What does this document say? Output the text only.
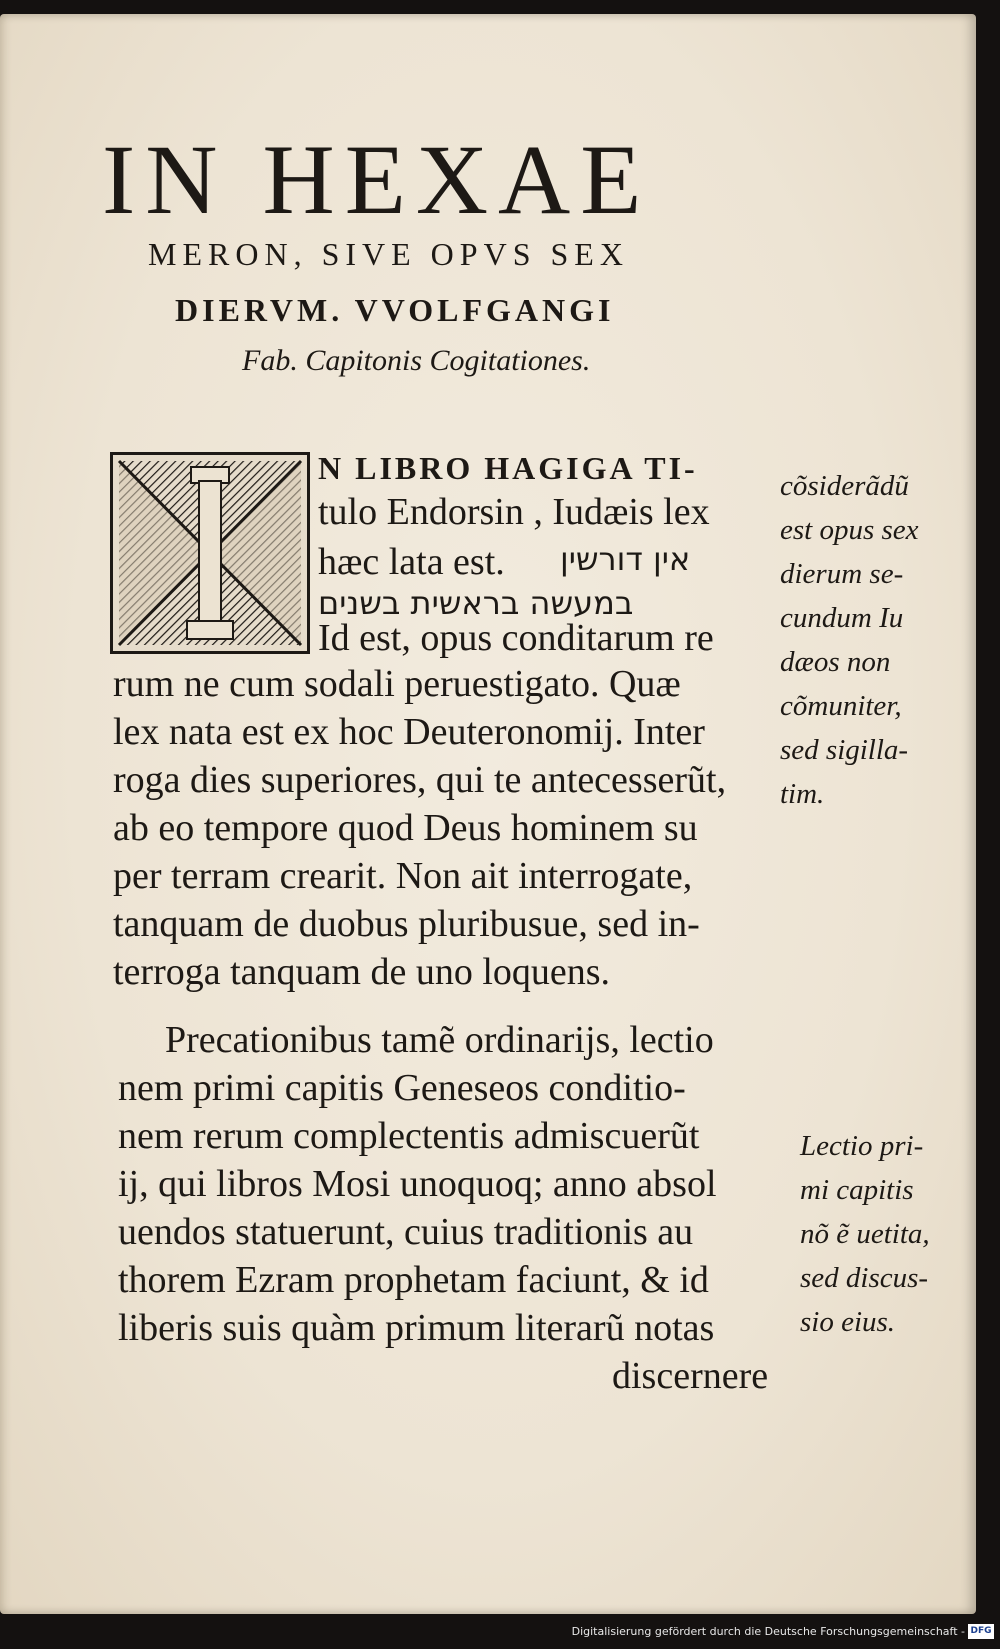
IN HEXAE
MERON, SIVE OPVS SEX
DIERVM. VVOLFGANGI
Fab. Capitonis Cogitationes.
N LIBRO HAGIGA TI-
tulo Endorsin , Iudæis lex
hæc lata est. אין דורשין
במעשה בראשית בשנים
Id est, opus conditarum re
rum ne cum sodali peruestigato. Quæ
lex nata est ex hoc Deuteronomij. Inter
roga dies superiores, qui te antecesserũt,
ab eo tempore quod Deus hominem su
per terram crearit. Non ait interrogate,
tanquam de duobus pluribusue, sed in-
terroga tanquam de uno loquens.
Precationibus tamẽ ordinarijs, lectio
nem primi capitis Geneseos conditio-
nem rerum complectentis admiscuerũt
ij, qui libros Mosi unoquoq; anno absol
uendos statuerunt, cuius traditionis au
thorem Ezram prophetam faciunt, & id
liberis suis quàm primum literarũ notas
discernere
cõsiderãdũ
est opus sex
dierum se-
cundum Iu
dæos non
cõmuniter,
sed sigilla-
tim.
Lectio pri-
mi capitis
nõ ẽ uetita,
sed discus-
sio eius.
Digitalisierung gefördert durch die Deutsche Forschungsgemeinschaft - DFG
